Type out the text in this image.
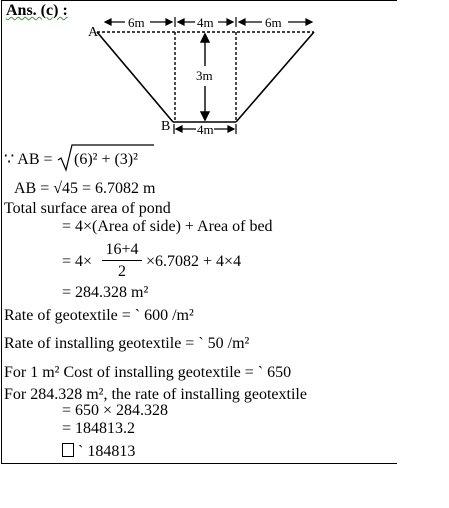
Ans. (c) :
A
B
6m	4m	6m
3m
4m
∵ AB = (6)² + (3)²
AB = √45 = 6.7082 m
Total surface area of pond
= 4×(Area of side) + Area of bed
= 4×
16+4
2
×6.7082 + 4×4
= 284.328 m²
Rate of geotextile = ` 600 /m²
Rate of installing geotextile = ` 50 /m²
For 1 m² Cost of installing geotextile = ` 650
For 284.328 m², the rate of installing geotextile
= 650 × 284.328
= 184813.2
` 184813
